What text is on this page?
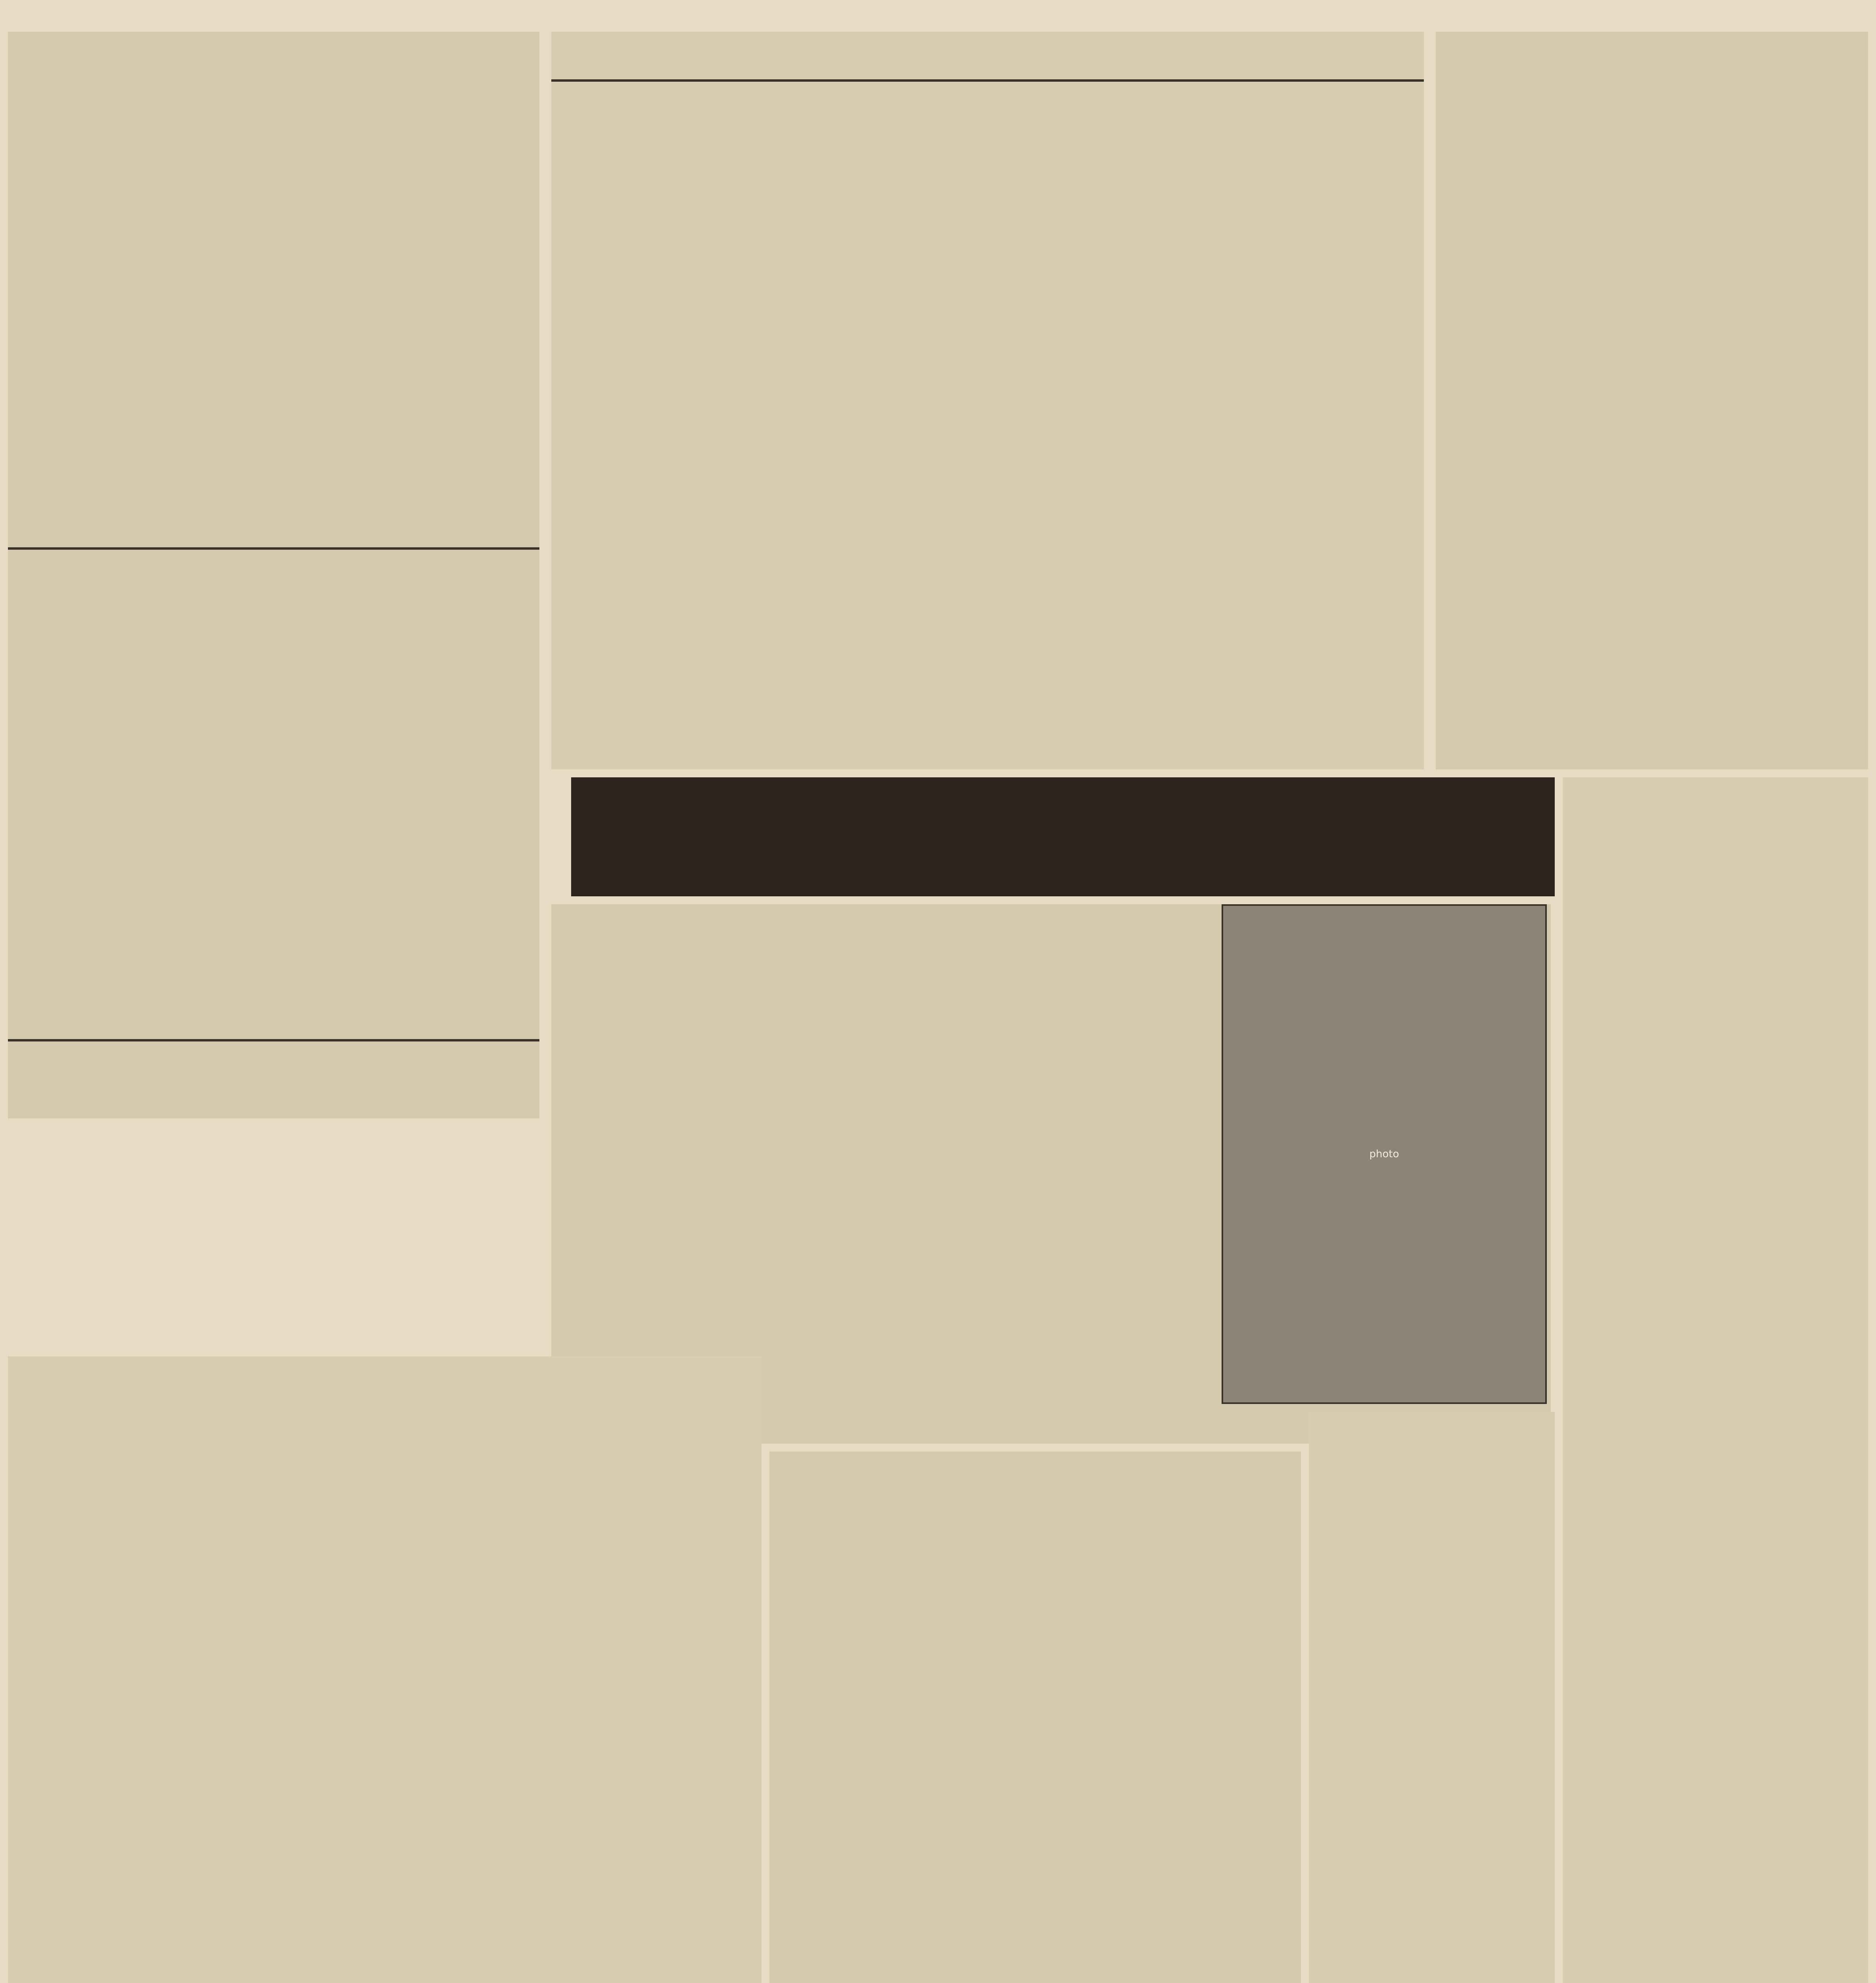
photo
